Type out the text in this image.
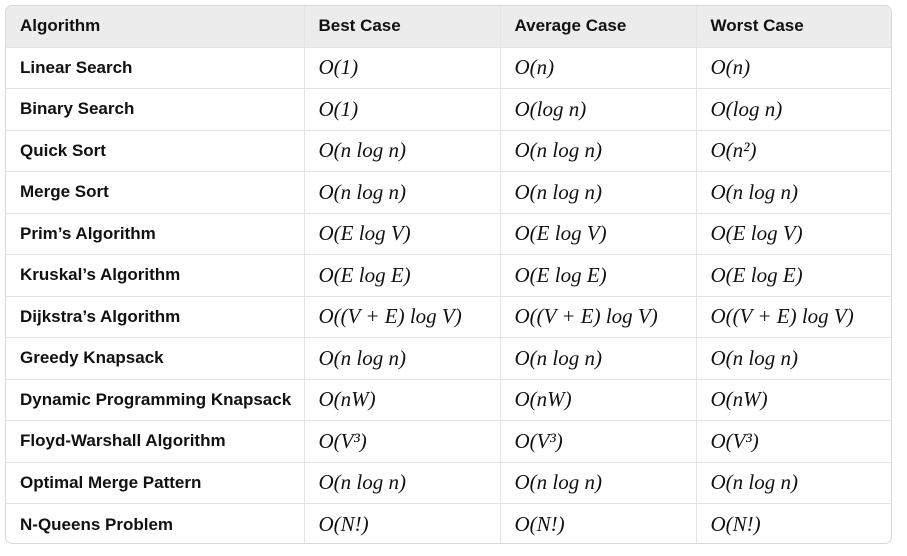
Algorithm	Best Case	Average Case	Worst Case
Linear Search	O(1)	O(n)	O(n)
Binary Search	O(1)	O(log n)	O(log n)
Quick Sort	O(n log n)	O(n log n)	O(n²)
Merge Sort	O(n log n)	O(n log n)	O(n log n)
Prim’s Algorithm	O(E log V)	O(E log V)	O(E log V)
Kruskal’s Algorithm	O(E log E)	O(E log E)	O(E log E)
Dijkstra’s Algorithm	O((V + E) log V)	O((V + E) log V)	O((V + E) log V)
Greedy Knapsack	O(n log n)	O(n log n)	O(n log n)
Dynamic Programming Knapsack	O(nW)	O(nW)	O(nW)
Floyd-Warshall Algorithm	O(V³)	O(V³)	O(V³)
Optimal Merge Pattern	O(n log n)	O(n log n)	O(n log n)
N-Queens Problem	O(N!)	O(N!)	O(N!)
